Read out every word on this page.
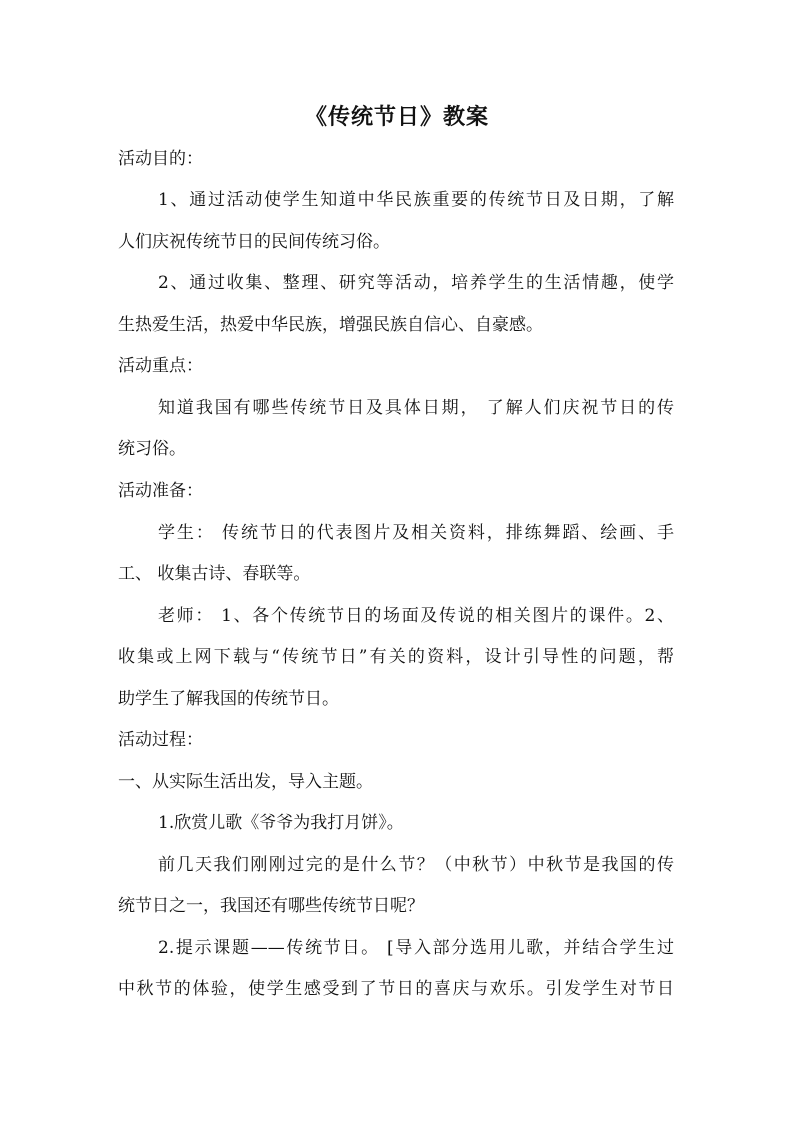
《传统节日》教案
活动目的：
1、通过活动使学生知道中华民族重要的传统节日及日期，了解
人们庆祝传统节日的民间传统习俗。
2、通过收集、整理、研究等活动，培养学生的生活情趣，使学
生热爱生活，热爱中华民族，增强民族自信心、自豪感。
活动重点：
知道我国有哪些传统节日及具体日期， 了解人们庆祝节日的传
统习俗。
活动准备：
学生： 传统节日的代表图片及相关资料，排练舞蹈、绘画、手
工、 收集古诗、春联等。
老师： 1、各个传统节日的场面及传说的相关图片的课件。2、
收集或上网下载与“传统节日”有关的资料，设计引导性的问题，帮
助学生了解我国的传统节日。
活动过程：
一、从实际生活出发，导入主题。
1.欣赏儿歌《爷爷为我打月饼》。
前几天我们刚刚过完的是什么节？（中秋节）中秋节是我国的传
统节日之一，我国还有哪些传统节日呢？
2.提示课题——传统节日。 [导入部分选用儿歌，并结合学生过
中秋节的体验，使学生感受到了节日的喜庆与欢乐。引发学生对节日
